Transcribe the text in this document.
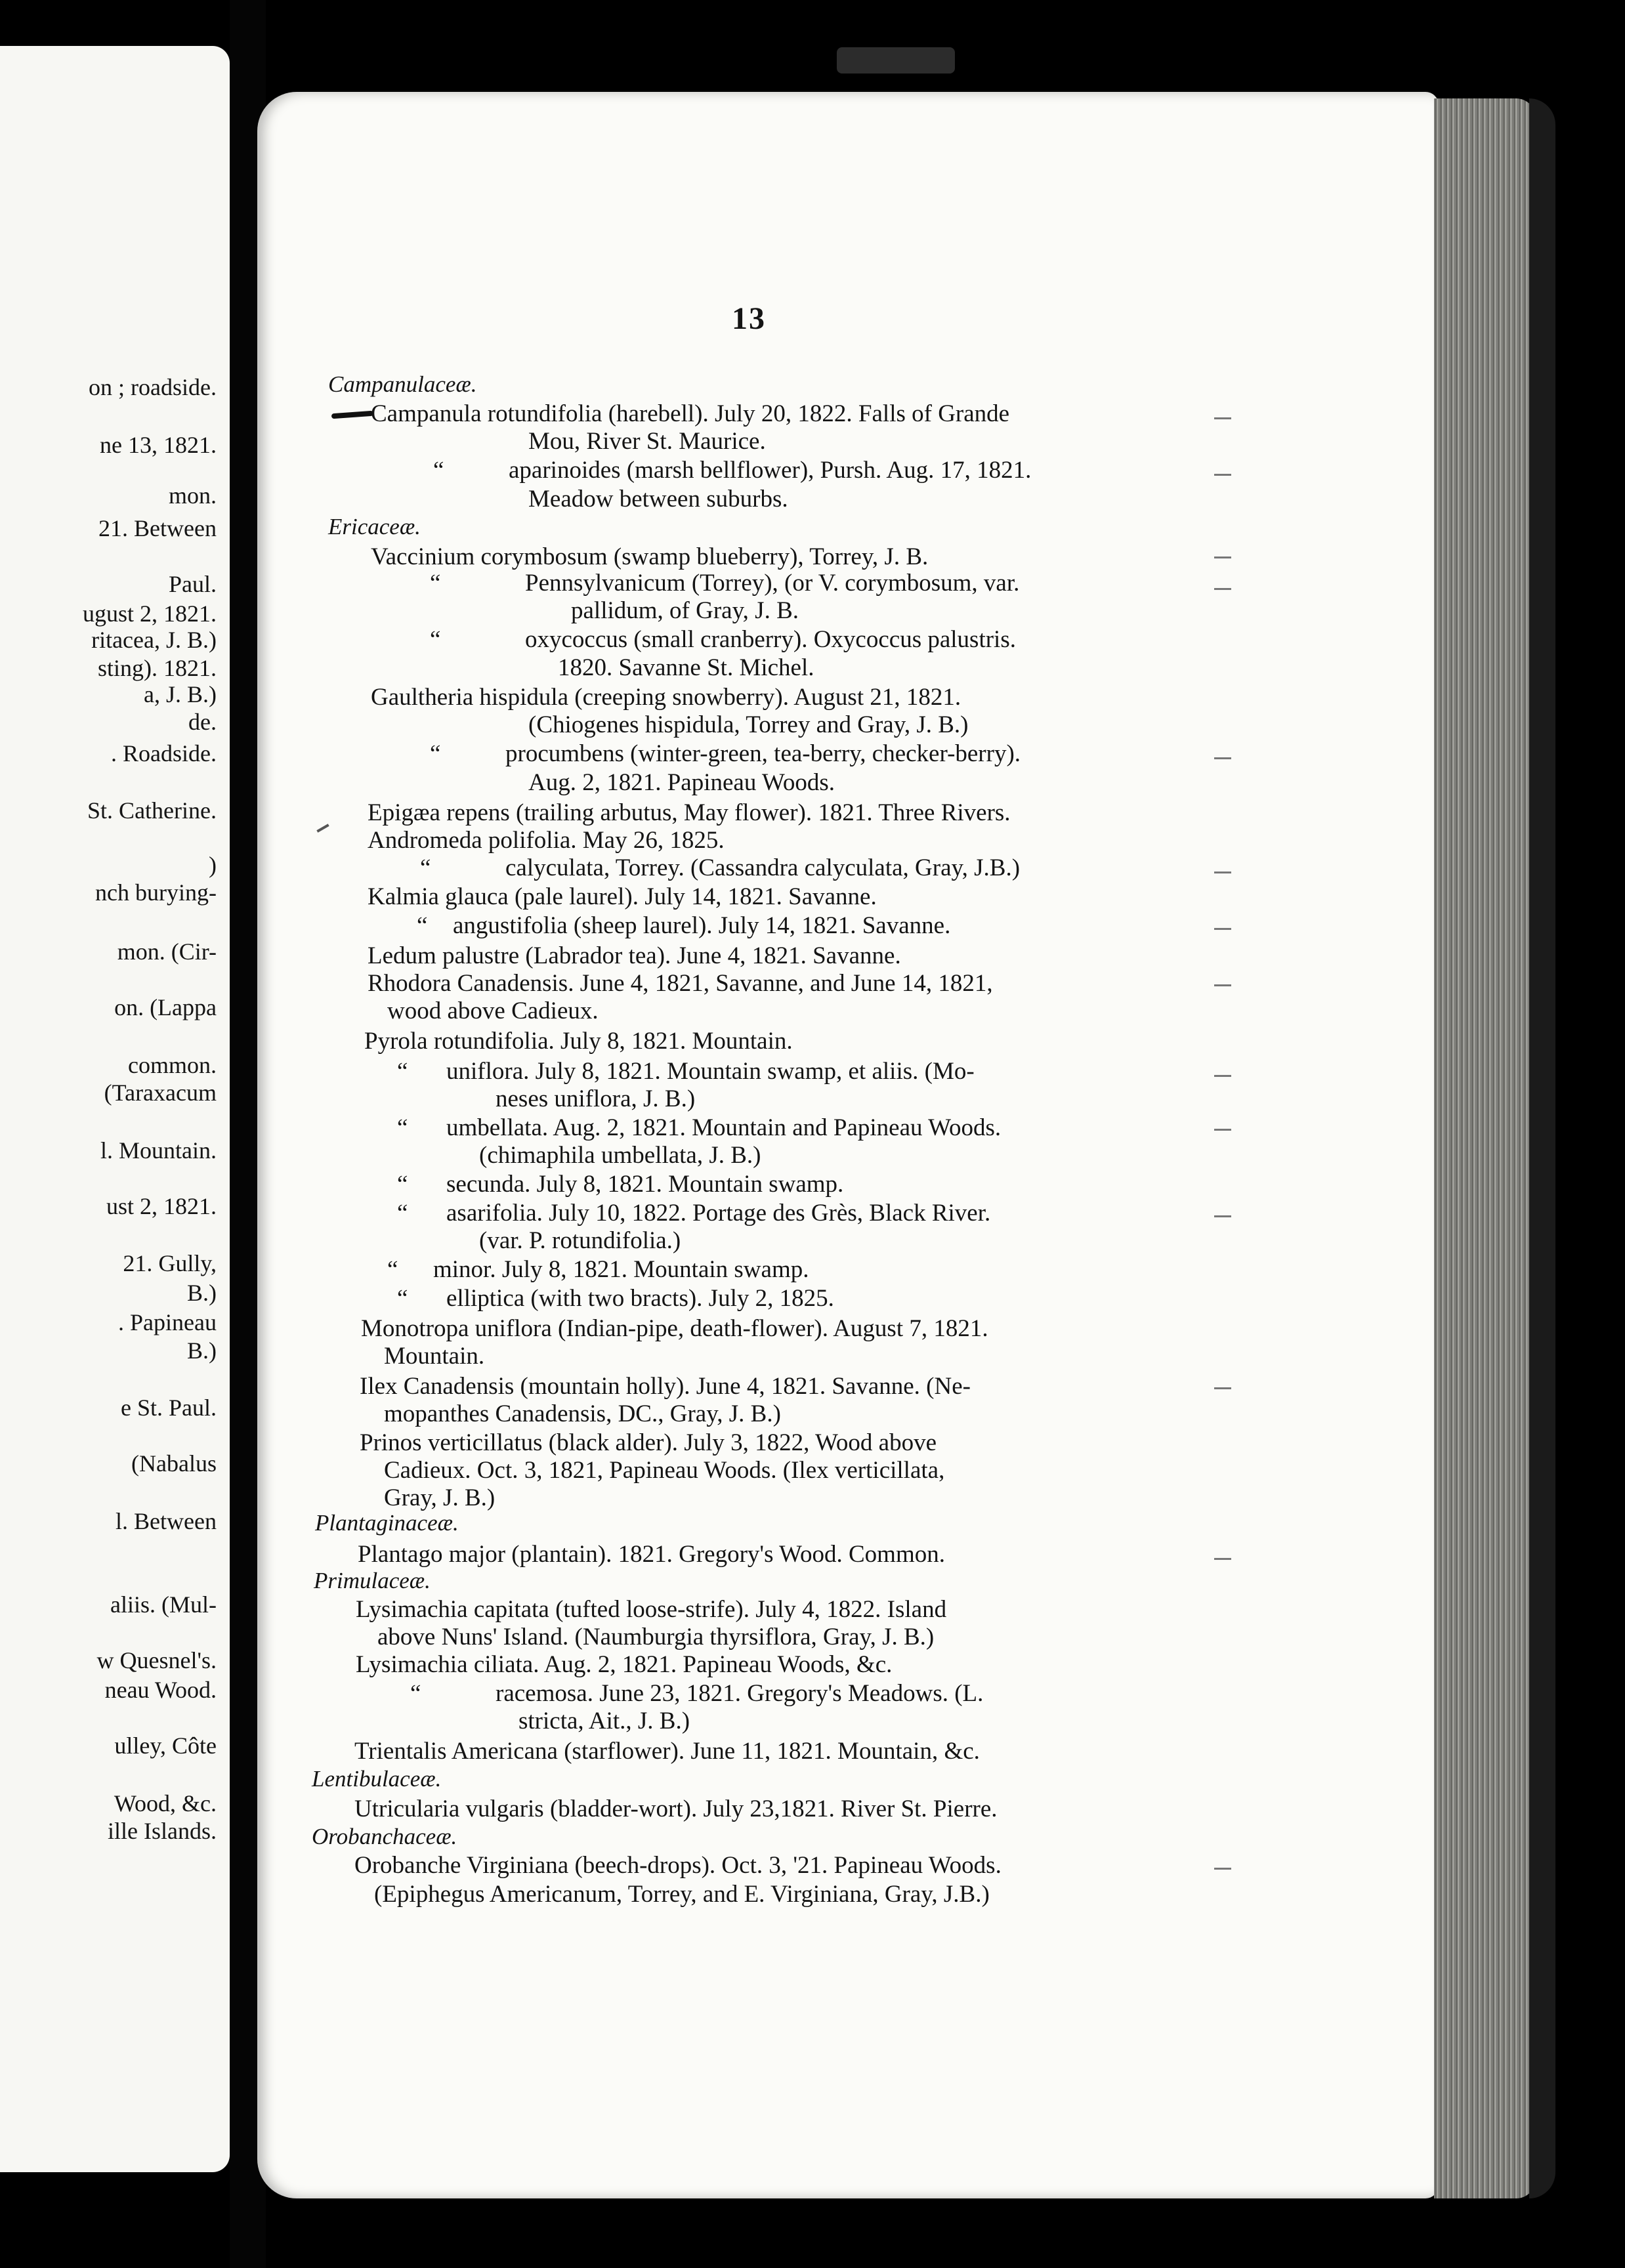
on ; roadside.
ne 13, 1821.
mon.
21. Between
Paul.
ugust 2, 1821.
ritacea, J. B.)
sting). 1821.
a, J. B.)
de.
. Roadside.
St. Catherine.
)
nch burying-
mon. (Cir-
on. (Lappa
common.
(Taraxacum
l. Mountain.
ust 2, 1821.
21. Gully,
B.)
. Papineau
B.)
e St. Paul.
(Nabalus
l. Between
aliis. (Mul-
w Quesnel's.
neau Wood.
ulley, Côte
Wood, &c.
ille Islands.
13
Campanulaceæ.
Campanula rotundifolia (harebell). July 20, 1822. Falls of Grande
Mou, River St. Maurice.
“	aparinoides (marsh bellflower), Pursh. Aug. 17, 1821.
Meadow between suburbs.
Ericaceæ.
Vaccinium corymbosum (swamp blueberry), Torrey, J. B.
“	Pennsylvanicum (Torrey), (or V. corymbosum, var.
pallidum, of Gray, J. B.
“	oxycoccus (small cranberry). Oxycoccus palustris.
1820. Savanne St. Michel.
Gaultheria hispidula (creeping snowberry). August 21, 1821.
(Chiogenes hispidula, Torrey and Gray, J. B.)
“	procumbens (winter-green, tea-berry, checker-berry).
Aug. 2, 1821. Papineau Woods.
Epigæa repens (trailing arbutus, May flower). 1821. Three Rivers.
Andromeda polifolia. May 26, 1825.
“	calyculata, Torrey. (Cassandra calyculata, Gray, J.B.)
Kalmia glauca (pale laurel). July 14, 1821. Savanne.
“ angustifolia (sheep laurel). July 14, 1821. Savanne.
Ledum palustre (Labrador tea). June 4, 1821. Savanne.
Rhodora Canadensis. June 4, 1821, Savanne, and June 14, 1821,
wood above Cadieux.
Pyrola rotundifolia. July 8, 1821. Mountain.
“ uniflora. July 8, 1821. Mountain swamp, et aliis. (Mo-
neses uniflora, J. B.)
“ umbellata. Aug. 2, 1821. Mountain and Papineau Woods.
(chimaphila umbellata, J. B.)
“ secunda. July 8, 1821. Mountain swamp.
“ asarifolia. July 10, 1822. Portage des Grès, Black River.
(var. P. rotundifolia.)
“ minor. July 8, 1821. Mountain swamp.
“ elliptica (with two bracts). July 2, 1825.
Monotropa uniflora (Indian-pipe, death-flower). August 7, 1821.
Mountain.
Ilex Canadensis (mountain holly). June 4, 1821. Savanne. (Ne-
mopanthes Canadensis, DC., Gray, J. B.)
Prinos verticillatus (black alder). July 3, 1822, Wood above
Cadieux. Oct. 3, 1821, Papineau Woods. (Ilex verticillata,
Gray, J. B.)
Plantaginaceæ.
Plantago major (plantain). 1821. Gregory's Wood. Common.
Primulaceæ.
Lysimachia capitata (tufted loose-strife). July 4, 1822. Island
above Nuns' Island. (Naumburgia thyrsiflora, Gray, J. B.)
Lysimachia ciliata. Aug. 2, 1821. Papineau Woods, &c.
“	racemosa. June 23, 1821. Gregory's Meadows. (L.
stricta, Ait., J. B.)
Trientalis Americana (starflower). June 11, 1821. Mountain, &c.
Lentibulaceæ.
Utricularia vulgaris (bladder-wort). July 23,1821. River St. Pierre.
Orobanchaceæ.
Orobanche Virginiana (beech-drops). Oct. 3, '21. Papineau Woods.
(Epiphegus Americanum, Torrey, and E. Virginiana, Gray, J.B.)
